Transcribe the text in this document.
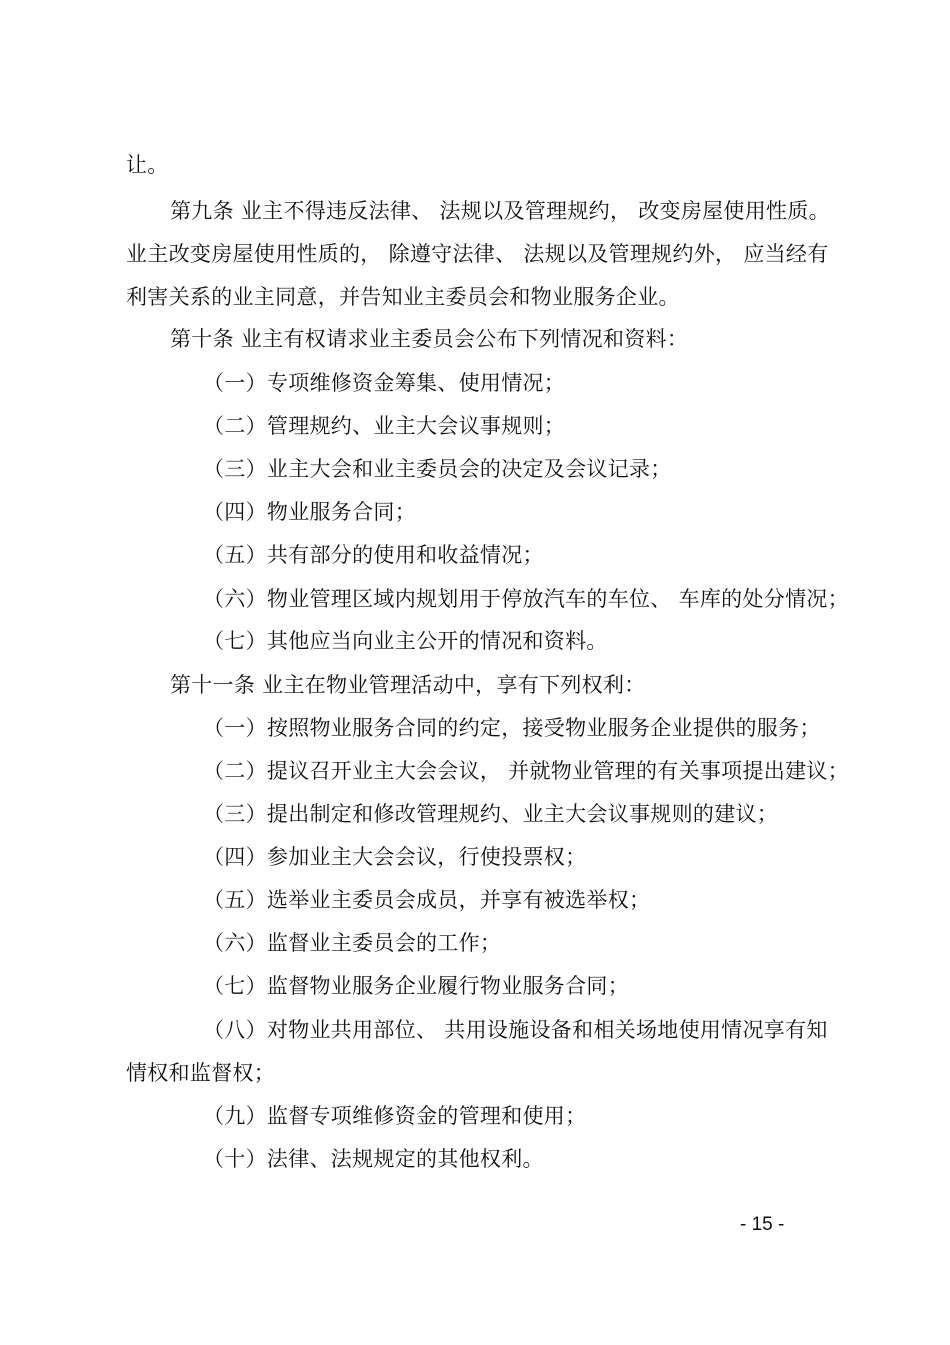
让。
第九条 业主不得违反法律、 法规以及管理规约， 改变房屋使用性质。
业主改变房屋使用性质的， 除遵守法律、 法规以及管理规约外， 应当经有
利害关系的业主同意，并告知业主委员会和物业服务企业。
第十条 业主有权请求业主委员会公布下列情况和资料：
（一）专项维修资金筹集、使用情况；
（二）管理规约、业主大会议事规则；
（三）业主大会和业主委员会的决定及会议记录；
（四）物业服务合同；
（五）共有部分的使用和收益情况；
（六）物业管理区域内规划用于停放汽车的车位、 车库的处分情况；
（七）其他应当向业主公开的情况和资料。
第十一条 业主在物业管理活动中，享有下列权利：
（一）按照物业服务合同的约定，接受物业服务企业提供的服务；
（二）提议召开业主大会会议， 并就物业管理的有关事项提出建议；
（三）提出制定和修改管理规约、业主大会议事规则的建议；
（四）参加业主大会会议，行使投票权；
（五）选举业主委员会成员，并享有被选举权；
（六）监督业主委员会的工作；
（七）监督物业服务企业履行物业服务合同；
（八）对物业共用部位、 共用设施设备和相关场地使用情况享有知
情权和监督权；
（九）监督专项维修资金的管理和使用；
（十）法律、法规规定的其他权利。
- 15 -
